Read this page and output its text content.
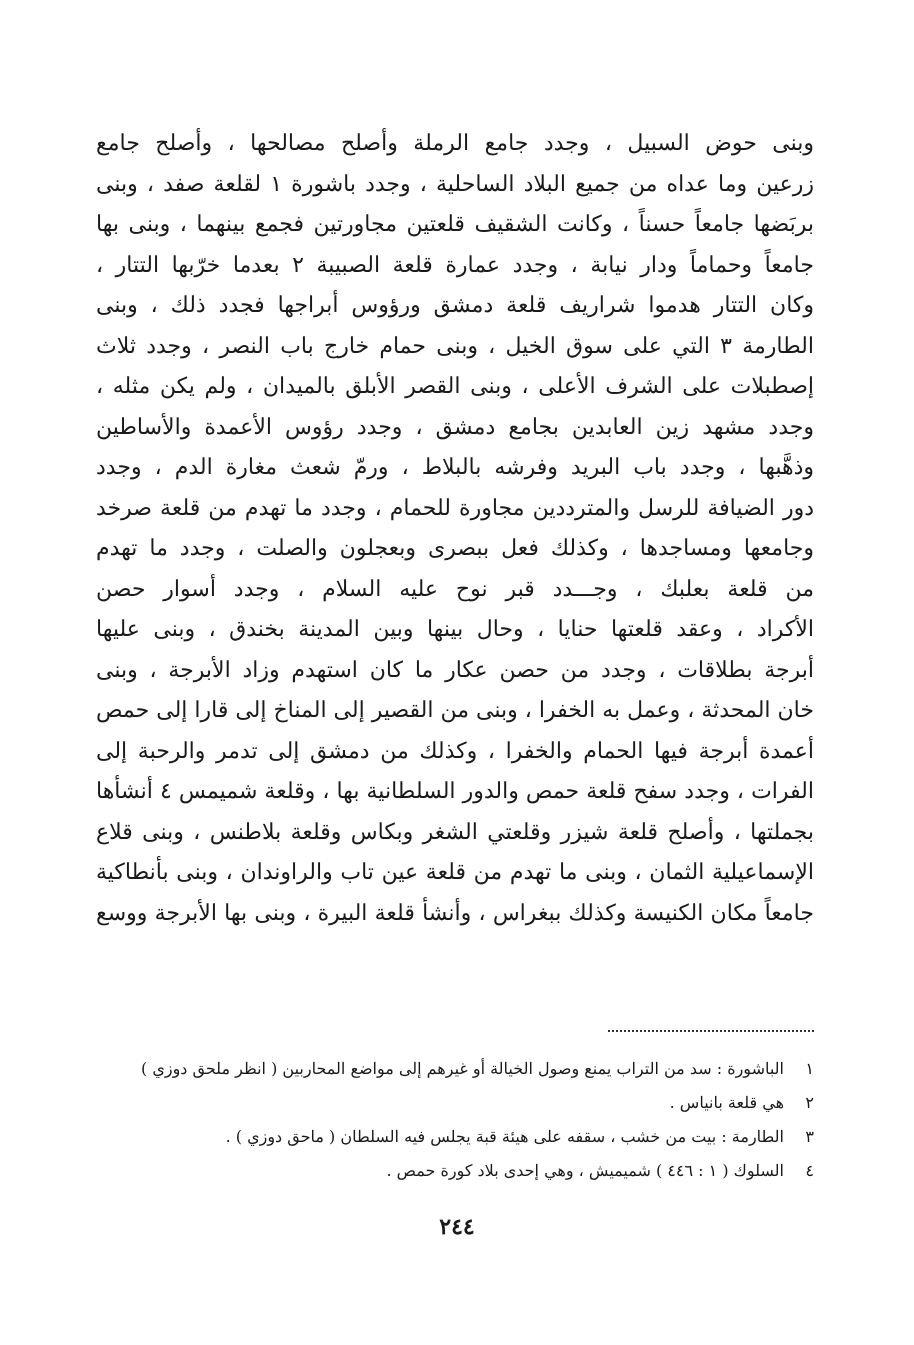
وبنى حوض السبيل ، وجدد جامع الرملة وأصلح مصالحها ، وأصلح جامع
زرعين وما عداه من جميع البلاد الساحلية ، وجدد باشورة ١ لقلعة صفد ، وبنى
بربَضها جامعاً حسناً ، وكانت الشقيف قلعتين مجاورتين فجمع بينهما ، وبنى بها
جامعاً وحماماً ودار نيابة ، وجدد عمارة قلعة الصبيبة ٢ بعدما خرّبها التتار ،
وكان التتار هدموا شراريف قلعة دمشق ورؤوس أبراجها فجدد ذلك ، وبنى
الطارمة ٣ التي على سوق الخيل ، وبنى حمام خارج باب النصر ، وجدد ثلاث
إصطبلات على الشرف الأعلى ، وبنى القصر الأبلق بالميدان ، ولم يكن مثله ،
وجدد مشهد زين العابدين بجامع دمشق ، وجدد رؤوس الأعمدة والأساطين
وذهَّبها ، وجدد باب البريد وفرشه بالبلاط ، ورمّ شعث مغارة الدم ، وجدد
دور الضيافة للرسل والمترددين مجاورة للحمام ، وجدد ما تهدم من قلعة صرخد
وجامعها ومساجدها ، وكذلك فعل ببصرى وبعجلون والصلت ، وجدد ما تهدم
من قلعة بعلبك ، وجـــدد قبر نوح عليه السلام ، وجدد أسوار حصن
الأكراد ، وعقد قلعتها حنايا ، وحال بينها وبين المدينة بخندق ، وبنى عليها
أبرجة بطلاقات ، وجدد من حصن عكار ما كان استهدم وزاد الأبرجة ، وبنى
خان المحدثة ، وعمل به الخفرا ، وبنى من القصير إلى المناخ إلى قارا إلى حمص
أعمدة أبرجة فيها الحمام والخفرا ، وكذلك من دمشق إلى تدمر والرحبة إلى
الفرات ، وجدد سفح قلعة حمص والدور السلطانية بها ، وقلعة شميمس ٤ أنشأها
بجملتها ، وأصلح قلعة شيزر وقلعتي الشغر وبكاس وقلعة بلاطنس ، وبنى قلاع
الإسماعيلية الثمان ، وبنى ما تهدم من قلعة عين تاب والراوندان ، وبنى بأنطاكية
جامعاً مكان الكنيسة وكذلك ببغراس ، وأنشأ قلعة البيرة ، وبنى بها الأبرجة ووسع
١الباشورة : سد من التراب يمنع وصول الخيالة أو غيرهم إلى مواضع المحاربين ( انظر ملحق دوزي )
٢هي قلعة بانياس .
٣الطارمة : بيت من خشب ، سقفه على هيئة قبة يجلس فيه السلطان ( ماحق دوزي ) .
٤السلوك ( ١ : ٤٤٦ ) شميميش ، وهي إحدى بلاد كورة حمص .
٢٤٤
